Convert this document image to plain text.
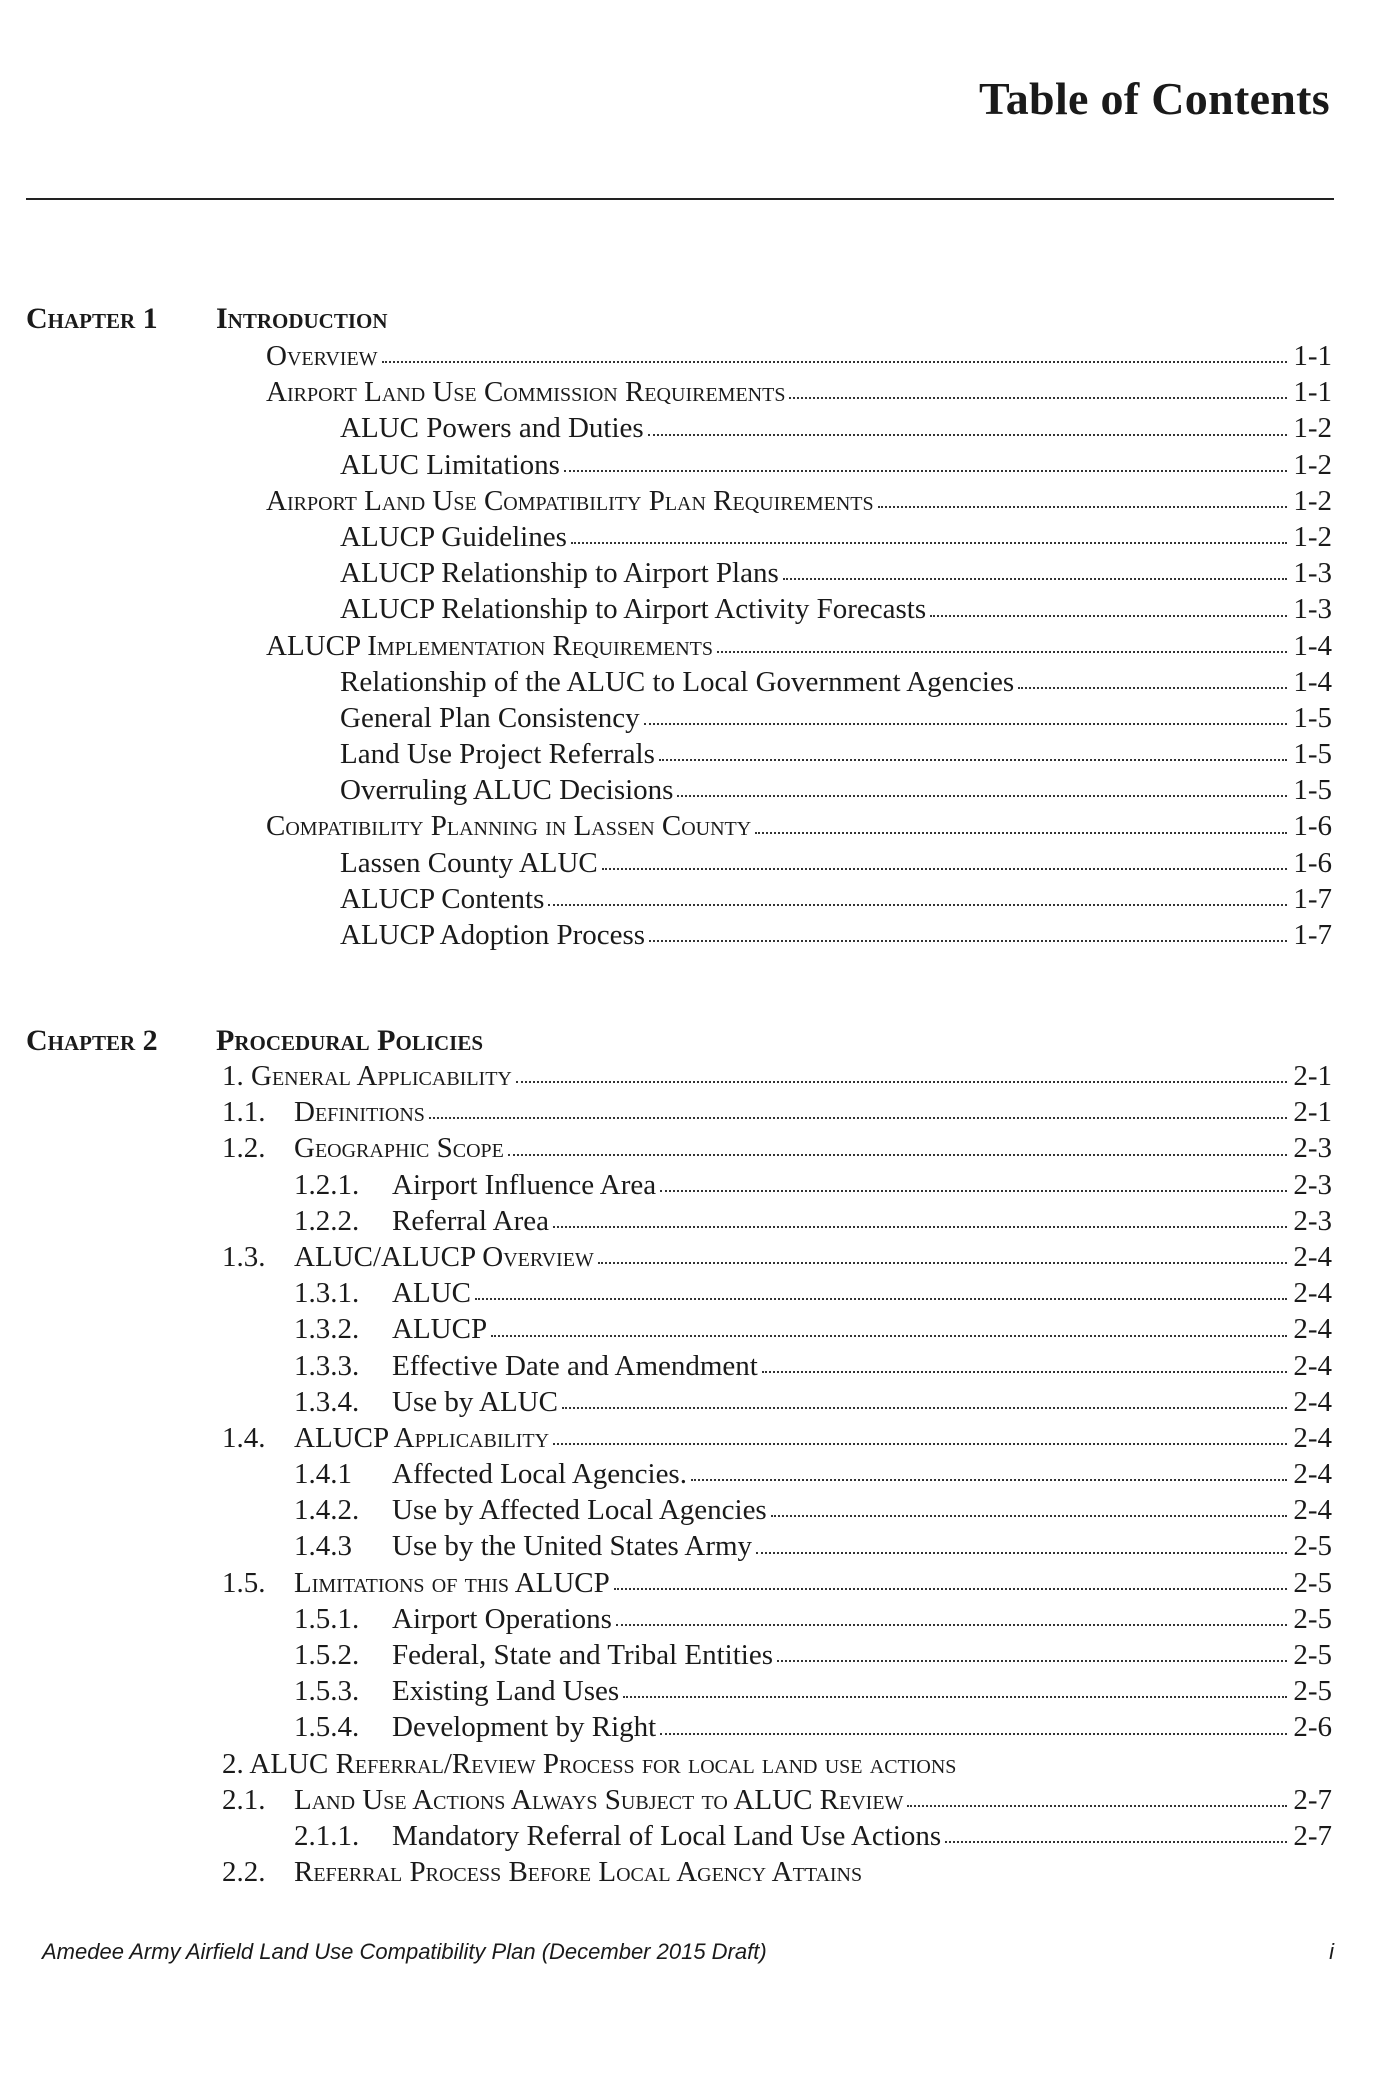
Table of Contents
Chapter 1 Introduction
Overview	1-1
Airport Land Use Commission Requirements	1-1
ALUC Powers and Duties	1-2
ALUC Limitations	1-2
Airport Land Use Compatibility Plan Requirements	1-2
ALUCP Guidelines	1-2
ALUCP Relationship to Airport Plans	1-3
ALUCP Relationship to Airport Activity Forecasts	1-3
ALUCP Implementation Requirements	1-4
Relationship of the ALUC to Local Government Agencies	1-4
General Plan Consistency	1-5
Land Use Project Referrals	1-5
Overruling ALUC Decisions	1-5
Compatibility Planning in Lassen County	1-6
Lassen County ALUC	1-6
ALUCP Contents	1-7
ALUCP Adoption Process	1-7
Chapter 2 Procedural Policies
1. General Applicability	2-1
1.1. Definitions	2-1
1.2. Geographic Scope	2-3
1.2.1.	Airport Influence Area	2-3
1.2.2.	Referral Area	2-3
1.3. ALUC/ALUCP Overview	2-4
1.3.1.	ALUC	2-4
1.3.2.	ALUCP	2-4
1.3.3.	Effective Date and Amendment	2-4
1.3.4.	Use by ALUC	2-4
1.4. ALUCP Applicability	2-4
1.4.1	Affected Local Agencies.	2-4
1.4.2.	Use by Affected Local Agencies	2-4
1.4.3	Use by the United States Army	2-5
1.5. Limitations of this ALUCP	2-5
1.5.1.	Airport Operations	2-5
1.5.2.	Federal, State and Tribal Entities	2-5
1.5.3.	Existing Land Uses	2-5
1.5.4.	Development by Right	2-6
2. ALUC Referral/Review Process for local land use actions
2.1. Land Use Actions Always Subject to ALUC Review	2-7
2.1.1.	Mandatory Referral of Local Land Use Actions	2-7
2.2. Referral Process Before Local Agency Attains
Amedee Army Airfield Land Use Compatibility Plan (December 2015 Draft)	i
